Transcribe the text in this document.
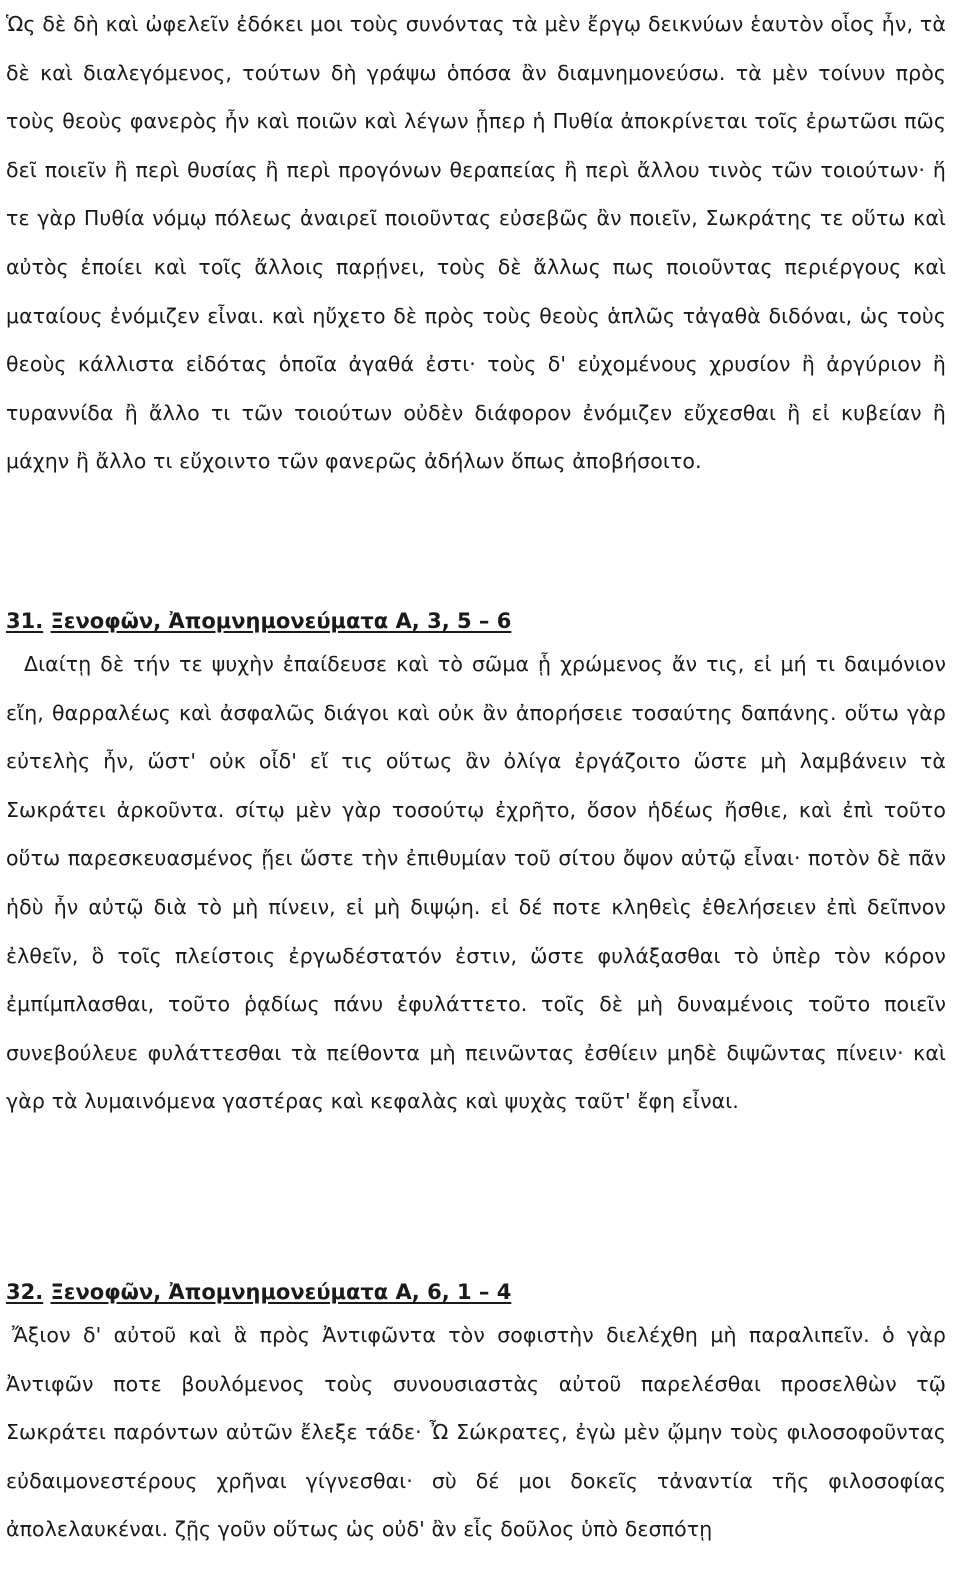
Ὡς δὲ δὴ καὶ ὠφελεῖν ἐδόκει μοι τοὺς συνόντας τὰ μὲν ἔργῳ δεικνύων ἑαυτὸν οἷος ἦν, τὰ δὲ καὶ διαλεγόμενος, τούτων δὴ γράψω ὁπόσα ἂν διαμνημονεύσω. τὰ μὲν τοίνυν πρὸς τοὺς θεοὺς φανερὸς ἦν καὶ ποιῶν καὶ λέγων ᾗπερ ἡ Πυθία ἀποκρίνεται τοῖς ἐρωτῶσι πῶς δεῖ ποιεῖν ἢ περὶ θυσίας ἢ περὶ προγόνων θεραπείας ἢ περὶ ἄλλου τινὸς τῶν τοιούτων· ἥ τε γὰρ Πυθία νόμῳ πόλεως ἀναιρεῖ ποιοῦντας εὐσεβῶς ἂν ποιεῖν, Σωκράτης τε οὕτω καὶ αὐτὸς ἐποίει καὶ τοῖς ἄλλοις παρῄνει, τοὺς δὲ ἄλλως πως ποιοῦντας περιέργους καὶ ματαίους ἐνόμιζεν εἶναι. καὶ ηὔχετο δὲ πρὸς τοὺς θεοὺς ἁπλῶς τἀγαθὰ διδόναι, ὡς τοὺς θεοὺς κάλλιστα εἰδότας ὁποῖα ἀγαθά ἐστι· τοὺς δ' εὐχομένους χρυσίον ἢ ἀργύριον ἢ τυραννίδα ἢ ἄλλο τι τῶν τοιούτων οὐδὲν διάφορον ἐνόμιζεν εὔχεσθαι ἢ εἰ κυβείαν ἢ μάχην ἢ ἄλλο τι εὔχοιντο τῶν φανερῶς ἀδήλων ὅπως ἀποβήσοιτο.

31. Ξενοφῶν, Ἀπομνημονεύματα Α, 3, 5 – 6

Διαίτῃ δὲ τήν τε ψυχὴν ἐπαίδευσε καὶ τὸ σῶμα ᾗ χρώμενος ἄν τις, εἰ μή τι δαιμόνιον εἴη, θαρραλέως καὶ ἀσφαλῶς διάγοι καὶ οὐκ ἂν ἀπορήσειε τοσαύτης δαπάνης. οὕτω γὰρ εὐτελὴς ἦν, ὥστ' οὐκ οἶδ' εἴ τις οὕτως ἂν ὀλίγα ἐργάζοιτο ὥστε μὴ λαμβάνειν τὰ Σωκράτει ἀρκοῦντα. σίτῳ μὲν γὰρ τοσούτῳ ἐχρῆτο, ὅσον ἡδέως ἤσθιε, καὶ ἐπὶ τοῦτο οὕτω παρεσκευασμένος ᾔει ὥστε τὴν ἐπιθυμίαν τοῦ σίτου ὄψον αὐτῷ εἶναι· ποτὸν δὲ πᾶν ἡδὺ ἦν αὐτῷ διὰ τὸ μὴ πίνειν, εἰ μὴ διψῴη. εἰ δέ ποτε κληθεὶς ἐθελήσειεν ἐπὶ δεῖπνον ἐλθεῖν, ὃ τοῖς πλείστοις ἐργωδέστατόν ἐστιν, ὥστε φυλάξασθαι τὸ ὑπὲρ τὸν κόρον ἐμπίμπλασθαι, τοῦτο ῥᾳδίως πάνυ ἐφυλάττετο. τοῖς δὲ μὴ δυναμένοις τοῦτο ποιεῖν συνεβούλευε φυλάττεσθαι τὰ πείθοντα μὴ πεινῶντας ἐσθίειν μηδὲ διψῶντας πίνειν· καὶ γὰρ τὰ λυμαινόμενα γαστέρας καὶ κεφαλὰς καὶ ψυχὰς ταῦτ' ἔφη εἶναι.

32. Ξενοφῶν, Ἀπομνημονεύματα Α, 6, 1 – 4

Ἄξιον δ' αὐτοῦ καὶ ἃ πρὸς Ἀντιφῶντα τὸν σοφιστὴν διελέχθη μὴ παραλιπεῖν. ὁ γὰρ Ἀντιφῶν ποτε βουλόμενος τοὺς συνουσιαστὰς αὐτοῦ παρελέσθαι προσελθὼν τῷ Σωκράτει παρόντων αὐτῶν ἔλεξε τάδε· Ὦ Σώκρατες, ἐγὼ μὲν ᾤμην τοὺς φιλοσοφοῦντας εὐδαιμονεστέρους χρῆναι γίγνεσθαι· σὺ δέ μοι δοκεῖς τἀναντία τῆς φιλοσοφίας ἀπολελαυκέναι. ζῇς γοῦν οὕτως ὡς οὐδ' ἂν εἷς δοῦλος ὑπὸ δεσπότῃ
